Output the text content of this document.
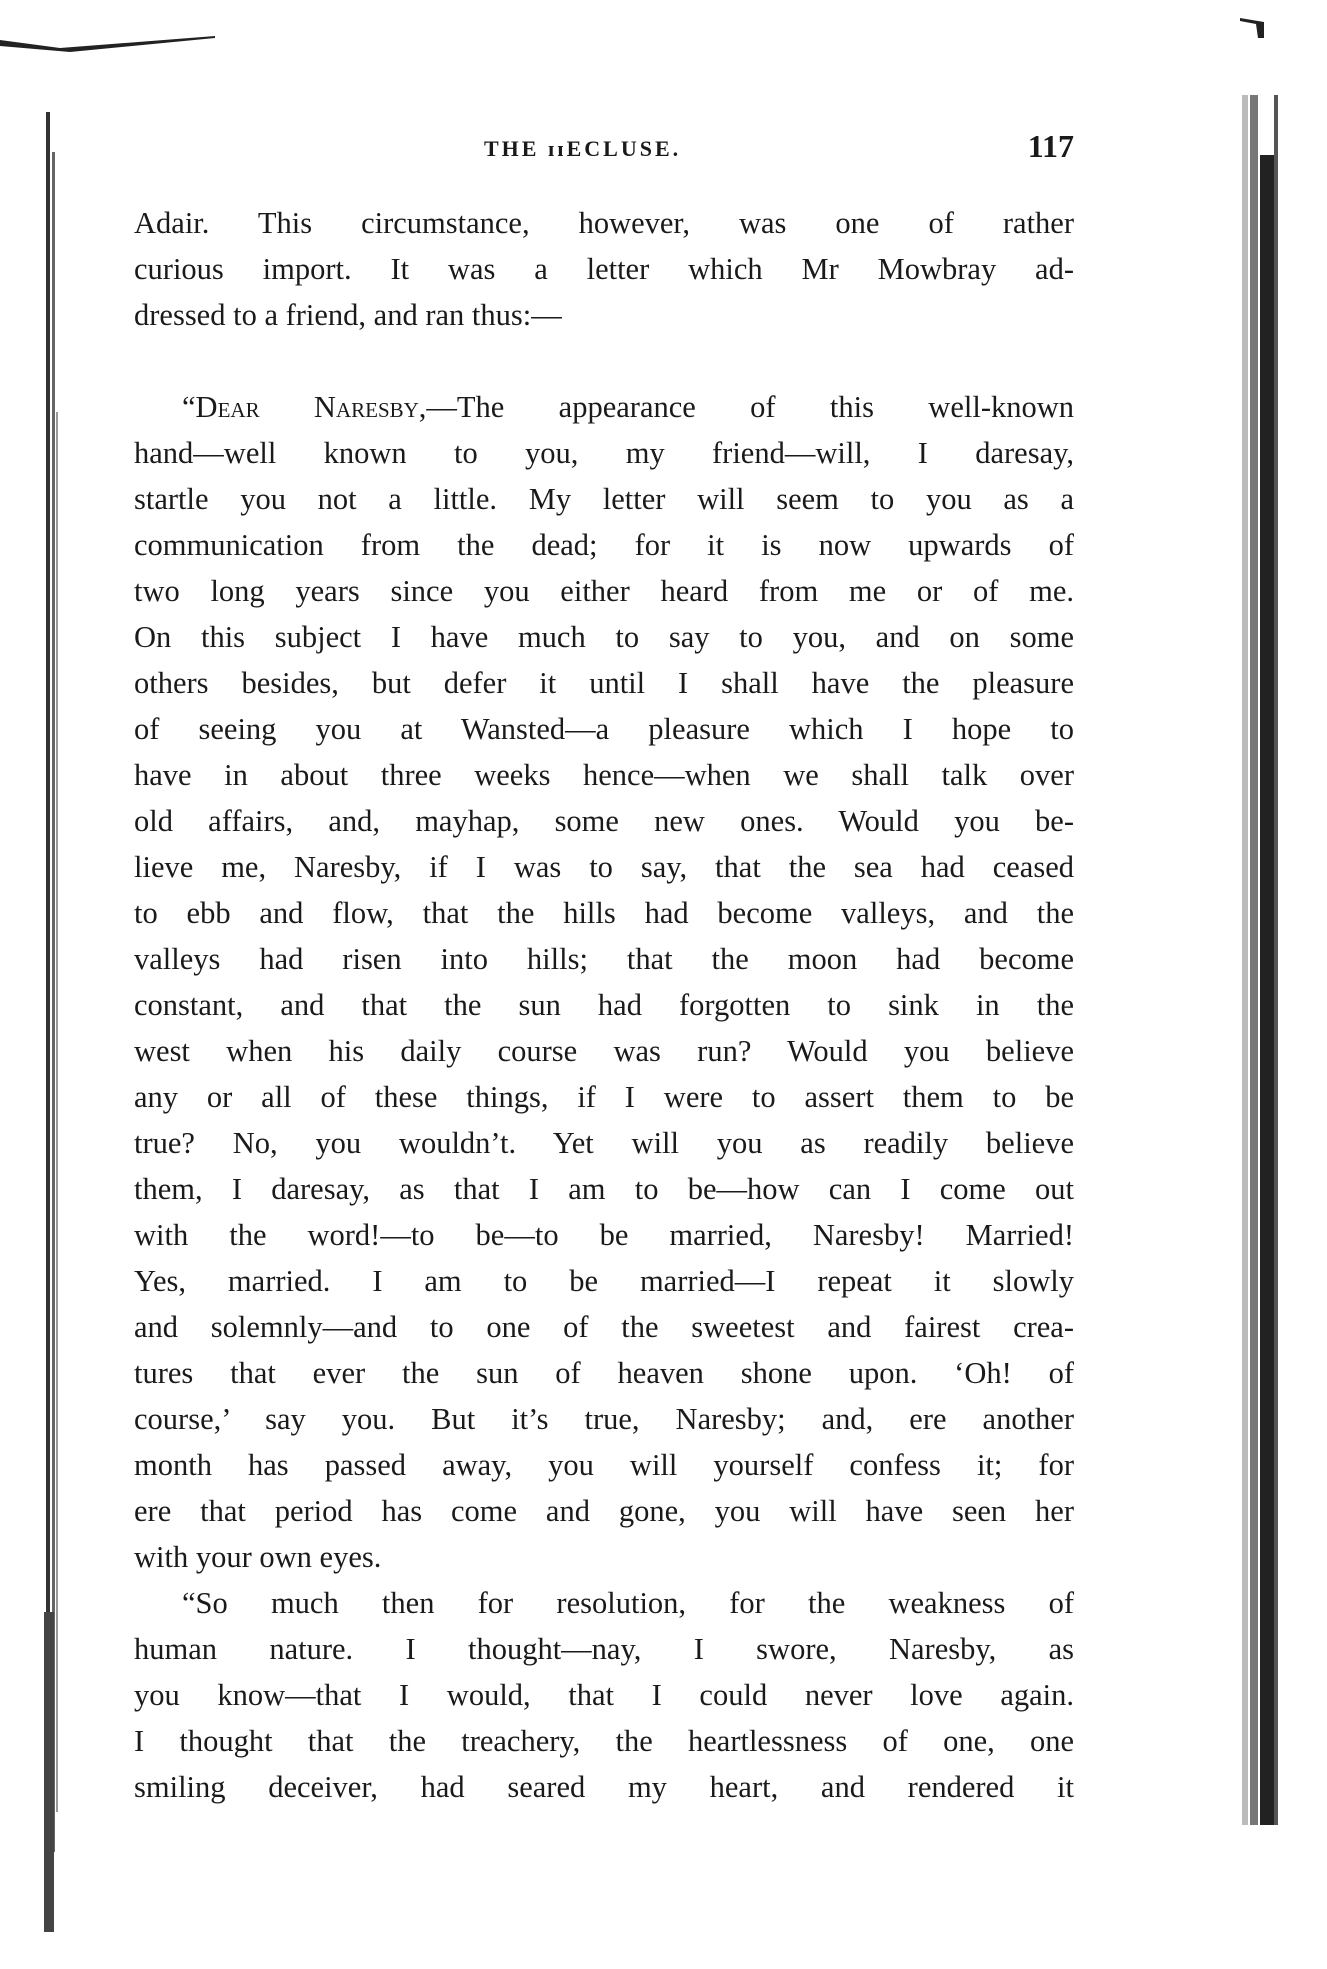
THE ɪɪECLUSE.	117
Adair. This circumstance, however, was one of rather
curious import. It was a letter which Mr Mowbray ad-
dressed to a friend, and ran thus:—
“Dear Naresby,—The appearance of this well-known
hand—well known to you, my friend—will, I daresay,
startle you not a little. My letter will seem to you as a
communication from the dead; for it is now upwards of
two long years since you either heard from me or of me.
On this subject I have much to say to you, and on some
others besides, but defer it until I shall have the pleasure
of seeing you at Wansted—a pleasure which I hope to
have in about three weeks hence—when we shall talk over
old affairs, and, mayhap, some new ones. Would you be-
lieve me, Naresby, if I was to say, that the sea had ceased
to ebb and flow, that the hills had become valleys, and the
valleys had risen into hills; that the moon had become
constant, and that the sun had forgotten to sink in the
west when his daily course was run? Would you believe
any or all of these things, if I were to assert them to be
true? No, you wouldn’t. Yet will you as readily believe
them, I daresay, as that I am to be—how can I come out
with the word!—to be—to be married, Naresby! Married!
Yes, married. I am to be married—I repeat it slowly
and solemnly—and to one of the sweetest and fairest crea-
tures that ever the sun of heaven shone upon. ‘Oh! of
course,’ say you. But it’s true, Naresby; and, ere another
month has passed away, you will yourself confess it; for
ere that period has come and gone, you will have seen her
with your own eyes.
“So much then for resolution, for the weakness of
human nature. I thought—nay, I swore, Naresby, as
you know—that I would, that I could never love again.
I thought that the treachery, the heartlessness of one, one
smiling deceiver, had seared my heart, and rendered it
